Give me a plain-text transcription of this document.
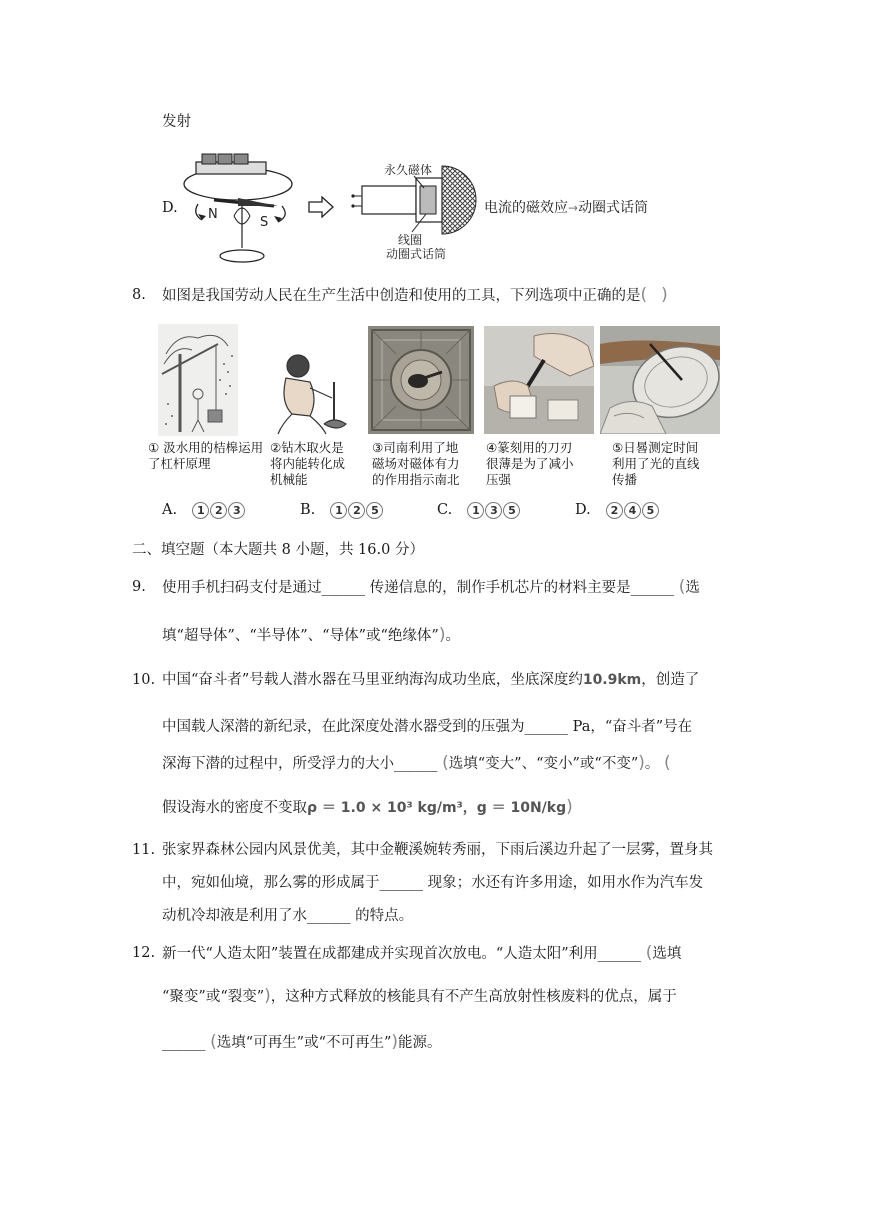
发射
D. N
S
永久磁体
线圈
动圈式话筒
电流的磁效应→动圈式话筒
8. 如图是我国劳动人民在生产生活中创造和使用的工具，下列选项中正确的是( )
① 汲水用的桔槔运用了杠杆原理
②钻木取火是将内能转化成机械能
③司南利用了地磁场对磁体有力的作用指示南北
④篆刻用的刀刃很薄是为了减小压强
⑤日晷测定时间利用了光的直线传播
A. 1 2 3	B. 1 2 5	C. 1 3 5	D. 2 4 5
二、填空题（本大题共 8 小题，共 16.0 分）
9. 使用手机扫码支付是通过______ 传递信息的，制作手机芯片的材料主要是______ (选
填“超导体”、“半导体”、“导体”或“绝缘体”)。
10. 中国“奋斗者”号载人潜水器在马里亚纳海沟成功坐底，坐底深度约10.9km，创造了
中国载人深潜的新纪录，在此深度处潜水器受到的压强为______ Pa，“奋斗者”号在
深海下潜的过程中，所受浮力的大小______ (选填“变大”、“变小”或“不变”)。 (
假设海水的密度不变取ρ ＝ 1.0 × 10³ kg/m³，g ＝ 10N/kg)
11. 张家界森林公园内风景优美，其中金鞭溪婉转秀丽，下雨后溪边升起了一层雾，置身其
中，宛如仙境，那么雾的形成属于______ 现象；水还有许多用途，如用水作为汽车发
动机冷却液是利用了水______ 的特点。
12. 新一代“人造太阳”装置在成都建成并实现首次放电。“人造太阳”利用______ (选填
“聚变”或“裂变”)，这种方式释放的核能具有不产生高放射性核废料的优点，属于
______ (选填“可再生”或“不可再生”)能源。
